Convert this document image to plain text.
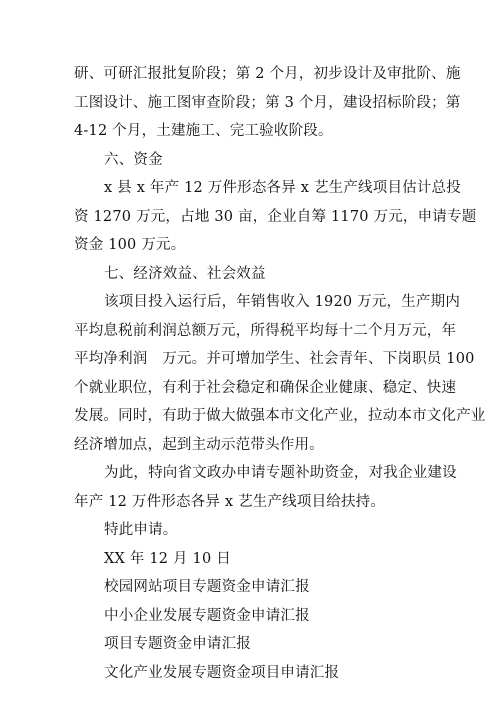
研、可研汇报批复阶段；第 2 个月，初步设计及审批阶、施
工图设计、施工图审查阶段；第 3 个月，建设招标阶段；第
4-12 个月，土建施工、完工验收阶段。
六、资金
x 县 x 年产 12 万件形态各异 x 艺生产线项目估计总投
资 1270 万元，占地 30 亩，企业自筹 1170 万元，申请专题
资金 100 万元。
七、经济效益、社会效益
该项目投入运行后，年销售收入 1920 万元，生产期内
平均息税前利润总额万元，所得税平均每十二个月万元，年
平均净利润　万元。并可增加学生、社会青年、下岗职员 100
个就业职位，有利于社会稳定和确保企业健康、稳定、快速
发展。同时，有助于做大做强本市文化产业，拉动本市文化产业
经济增加点，起到主动示范带头作用。
为此，特向省文政办申请专题补助资金，对我企业建设
年产 12 万件形态各异 x 艺生产线项目给扶持。
特此申请。
XX 年 12 月 10 日
校园网站项目专题资金申请汇报
中小企业发展专题资金申请汇报
项目专题资金申请汇报
文化产业发展专题资金项目申请汇报
